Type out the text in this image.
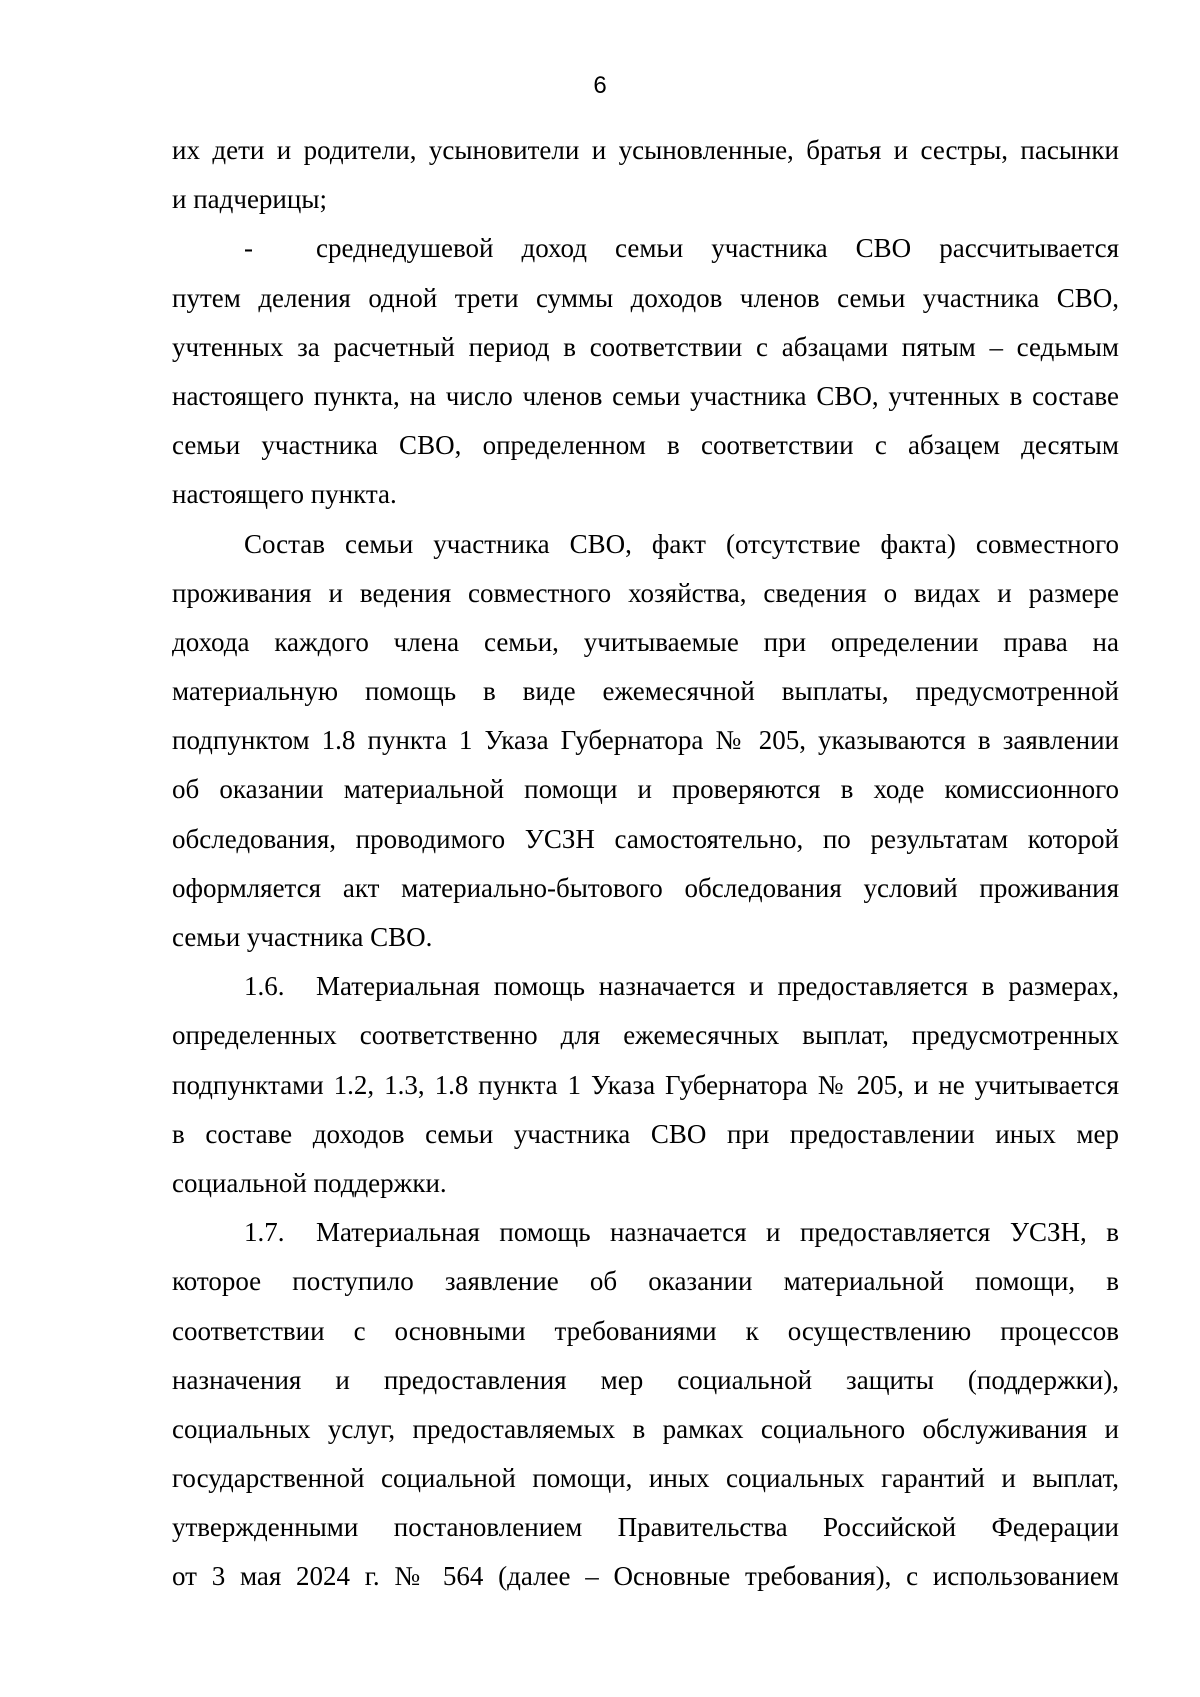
6
их дети и родители, усыновители и усыновленные, братья и сестры, пасынки
и падчерицы;
-	среднедушевой доход семьи участника СВО рассчитывается
путем деления одной трети суммы доходов членов семьи участника СВО,
учтенных за расчетный период в соответствии с абзацами пятым – седьмым
настоящего пункта, на число членов семьи участника СВО, учтенных в составе
семьи участника СВО, определенном в соответствии с абзацем десятым
настоящего пункта.
Состав семьи участника СВО, факт (отсутствие факта) совместного
проживания и ведения совместного хозяйства, сведения о видах и размере
дохода каждого члена семьи, учитываемые при определении права на
материальную помощь в виде ежемесячной выплаты, предусмотренной
подпунктом 1.8 пункта 1 Указа Губернатора № 205, указываются в заявлении
об оказании материальной помощи и проверяются в ходе комиссионного
обследования, проводимого УСЗН самостоятельно, по результатам которой
оформляется акт материально-бытового обследования условий проживания
семьи участника СВО.
1.6.	Материальная помощь назначается и предоставляется в размерах,
определенных соответственно для ежемесячных выплат, предусмотренных
подпунктами 1.2, 1.3, 1.8 пункта 1 Указа Губернатора № 205, и не учитывается
в составе доходов семьи участника СВО при предоставлении иных мер
социальной поддержки.
1.7.	Материальная помощь назначается и предоставляется УСЗН, в
которое поступило заявление об оказании материальной помощи, в
соответствии с основными требованиями к осуществлению процессов
назначения и предоставления мер социальной защиты (поддержки),
социальных услуг, предоставляемых в рамках социального обслуживания и
государственной социальной помощи, иных социальных гарантий и выплат,
утвержденными постановлением Правительства Российской Федерации
от 3 мая 2024 г. № 564 (далее – Основные требования), с использованием
